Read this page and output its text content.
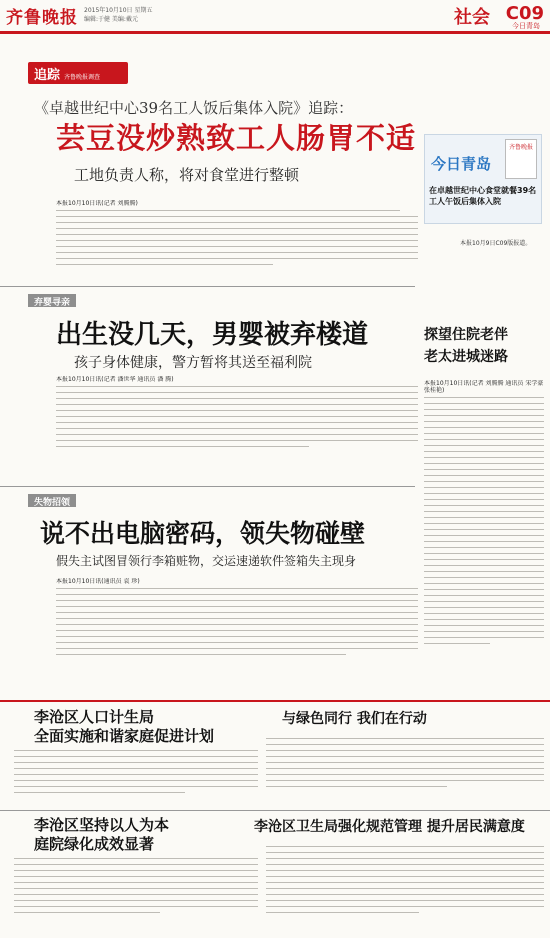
齐鲁晚报 2015年10月10日 星期五
编辑:于健 美编:戴元	社会 C09
今日青岛
追踪 齐鲁晚报调查
《卓越世纪中心39名工人饭后集体入院》追踪：
芸豆没炒熟致工人肠胃不适
工地负责人称，将对食堂进行整顿
本报10月10日讯(记者 刘腾腾)
今日青岛
齐鲁晚报
在卓越世纪中心食堂就餐39名工人午饭后集体入院
本报10月9日C09版报道。
弃婴寻亲
出生没几天，男婴被弃楼道
孩子身体健康，警方暂将其送至福利院
本报10月10日讯(记者 潘世华 通讯员 潘 腾)
探望住院老伴
老太进城迷路
本报10月10日讯(记者 刘腾腾 通讯员 宋学豪 张桂艳)
失物招领
说不出电脑密码，领失物碰壁
假失主试图冒领行李箱赃物，交运速递软件签箱失主现身
本报10月10日讯(通讯员 袁 珍)
李沧区人口计生局
全面实施和谐家庭促进计划
与绿色同行 我们在行动
李沧区坚持以人为本
庭院绿化成效显著
李沧区卫生局强化规范管理 提升居民满意度
